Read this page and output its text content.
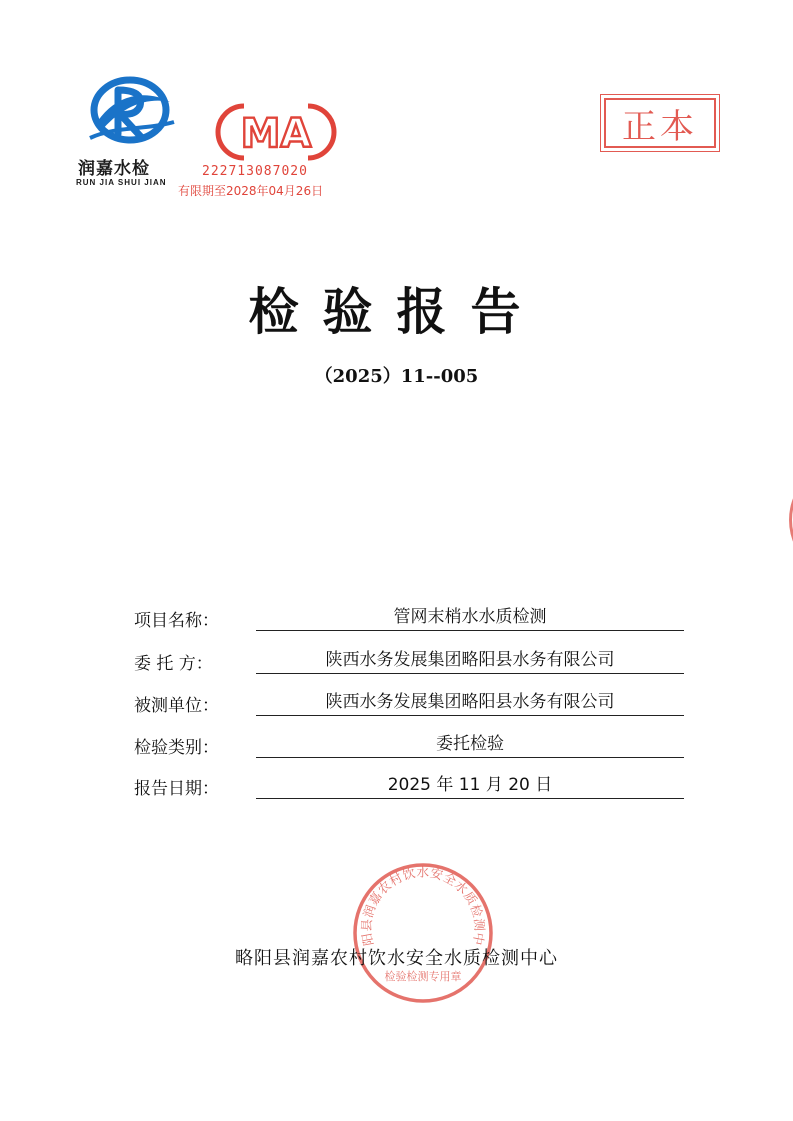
润嘉水检
RUN JIA SHUI JIAN
MA
222713087020
有限期至2028年04月26日
正本
检验报告
（2025）11--005
项目名称：	管网末梢水水质检测
委 托 方：	陕西水务发展集团略阳县水务有限公司
被测单位：	陕西水务发展集团略阳县水务有限公司
检验类别：	委托检验
报告日期：	2025 年 11 月 20 日
阳县润嘉农村饮水安全水质检测中
检验检测专用章
略阳县润嘉农村饮水安全水质检测中心
